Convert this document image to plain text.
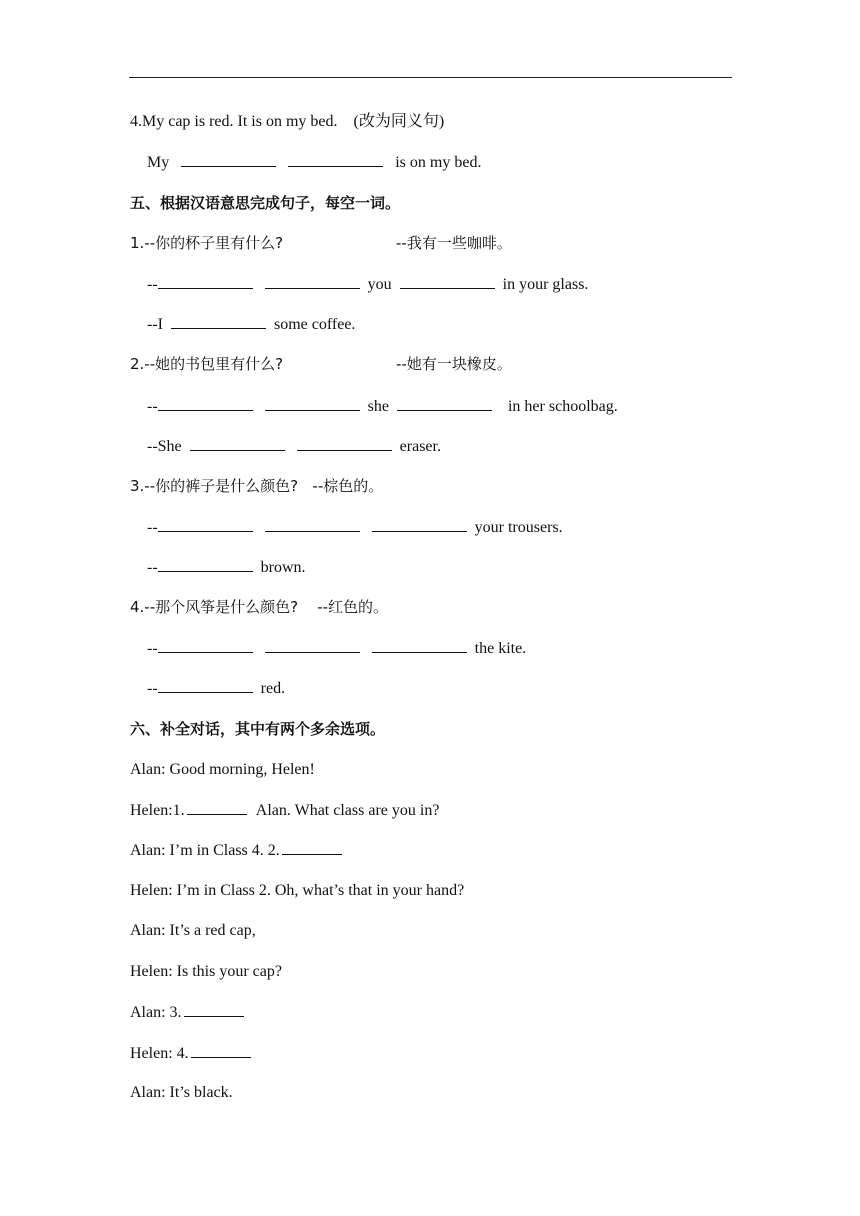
4.My cap is red. It is on my bed. (改为同义句)
My	is on my bed.
五、根据汉语意思完成句子，每空一词。
1.--你的杯子里有什么?	--我有一些咖啡。
--	you	in your glass.
--I	some coffee.
2.--她的书包里有什么?	--她有一块橡皮。
--	she	in her schoolbag.
--She	eraser.
3.--你的裤子是什么颜色? --棕色的。
--	your trousers.
--	brown.
4.--那个风筝是什么颜色? --红色的。
--	the kite.
--	red.
六、补全对话，其中有两个多余选项。
Alan: Good morning, Helen!
Helen:1.	Alan. What class are you in?
Alan: I’m in Class 4. 2.
Helen: I’m in Class 2. Oh, what’s that in your hand?
Alan: It’s a red cap,
Helen: Is this your cap?
Alan: 3.
Helen: 4.
Alan: It’s black.
